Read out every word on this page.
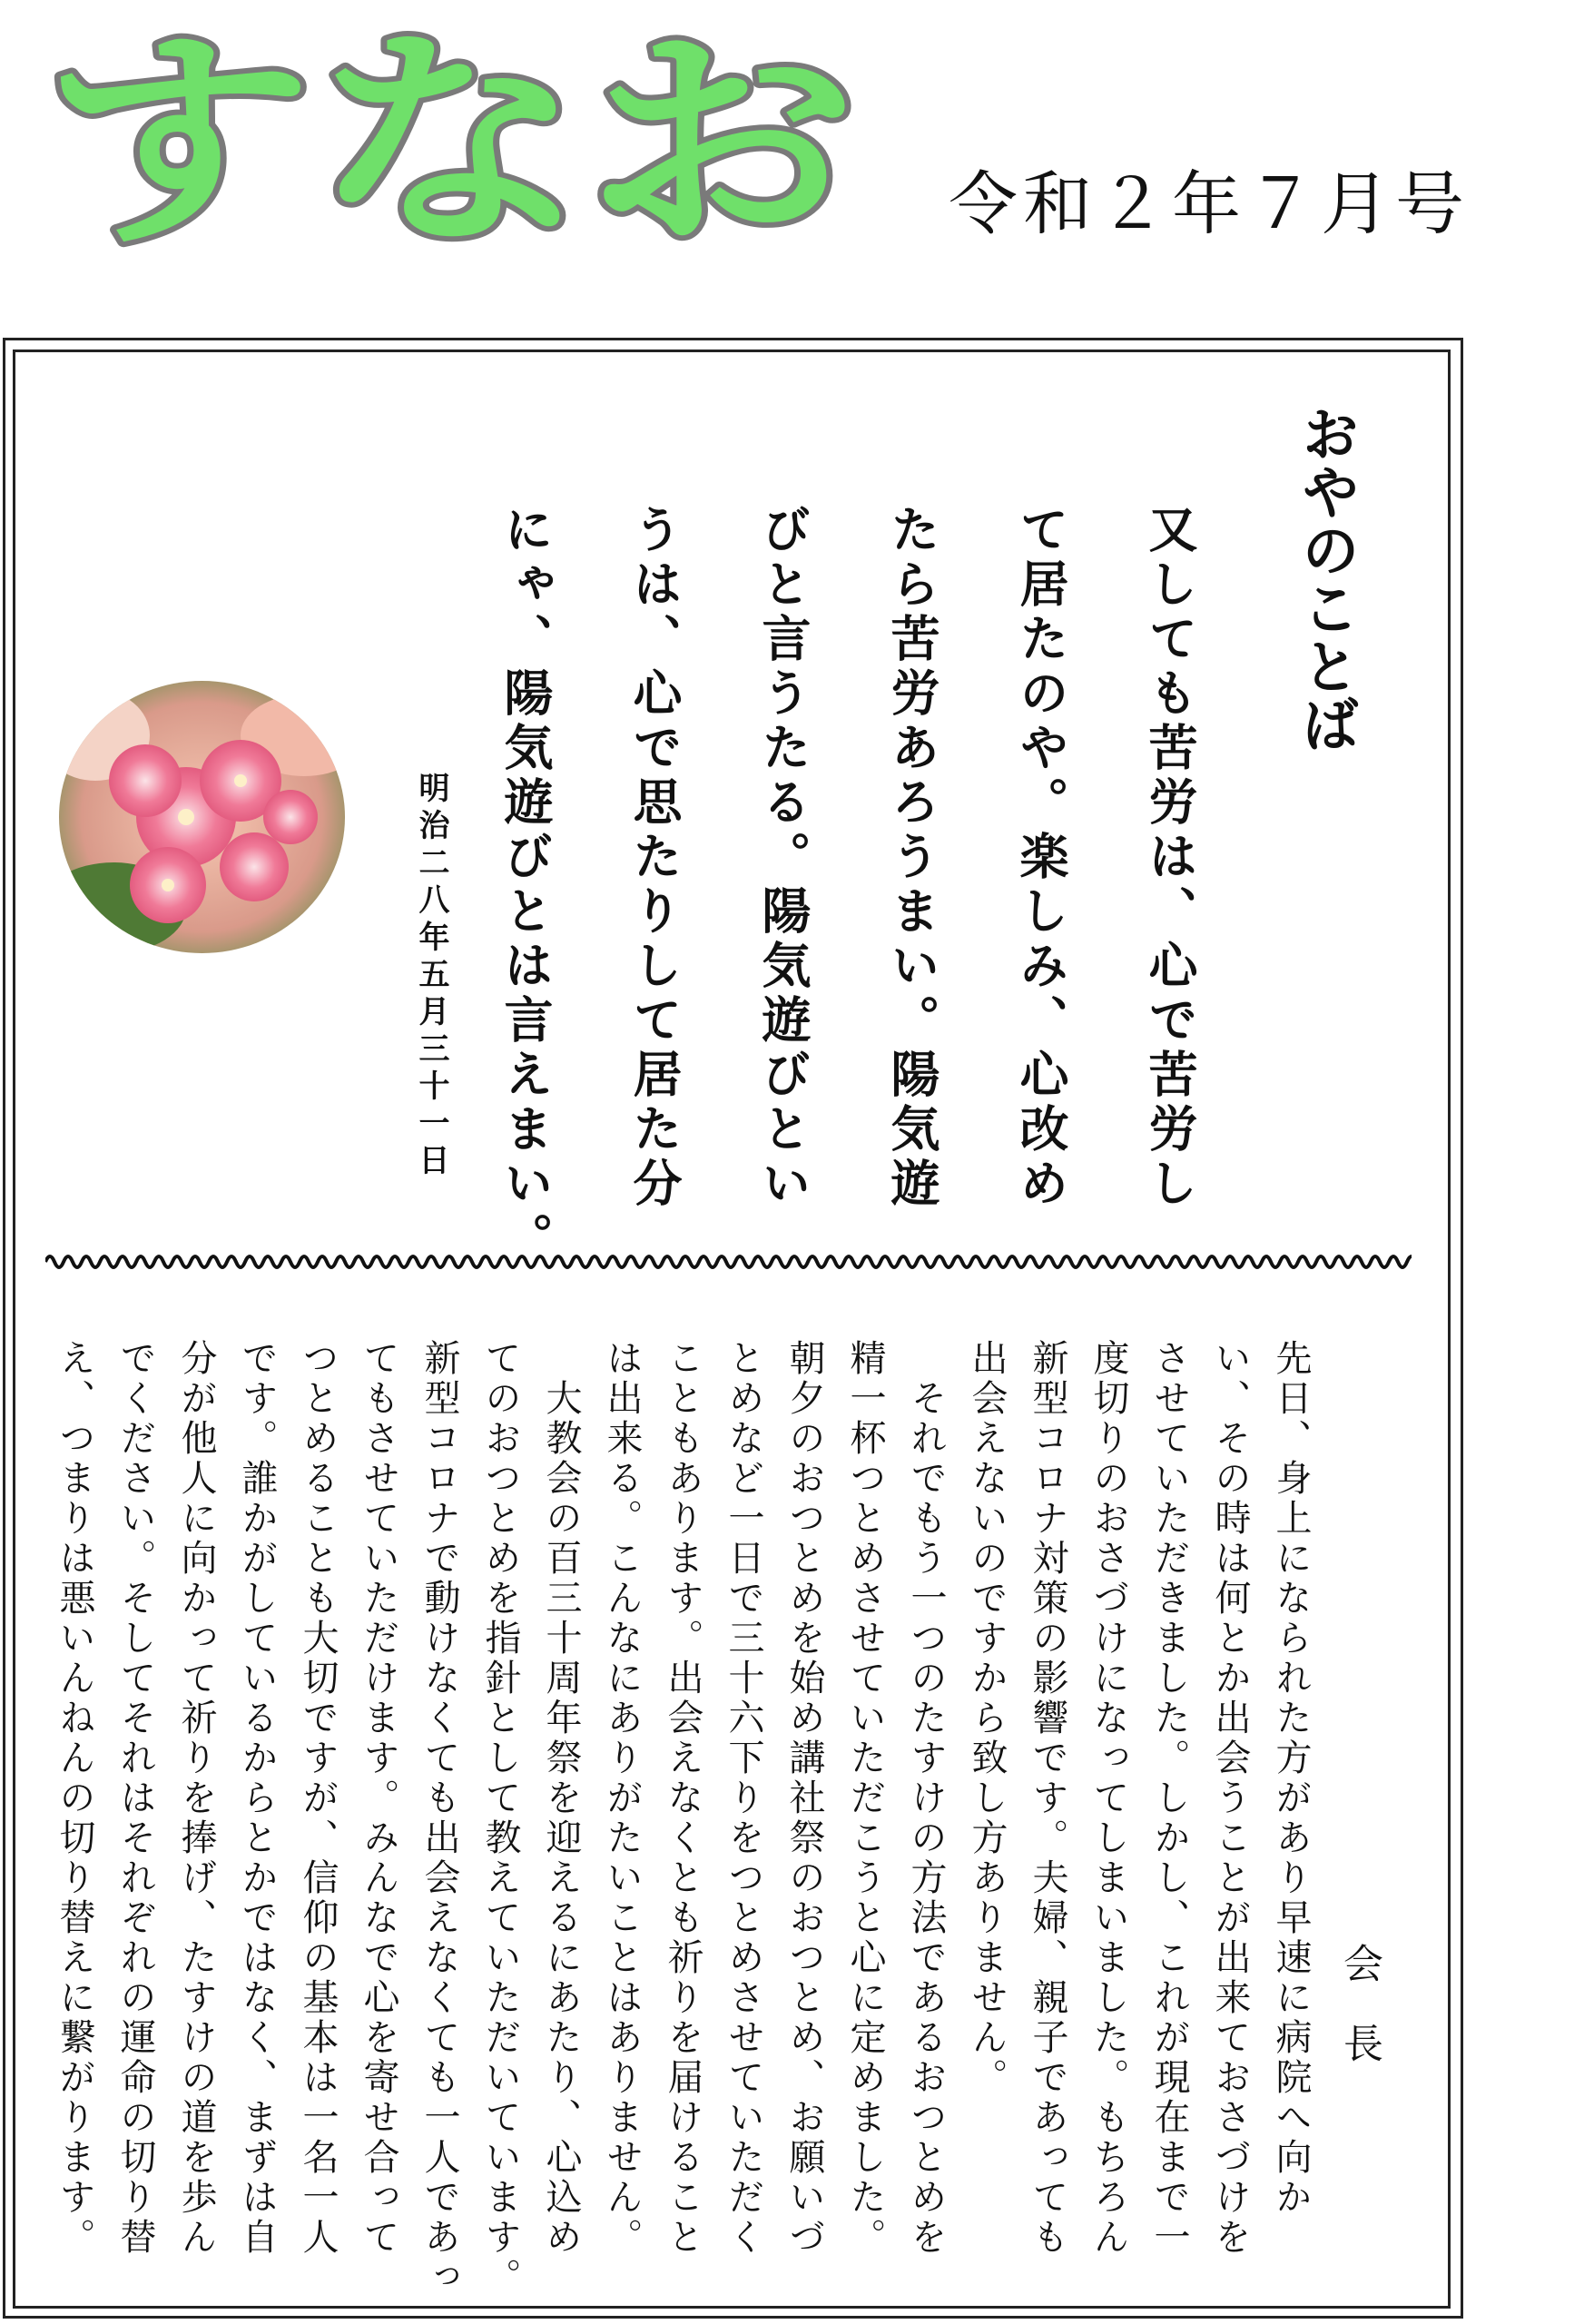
すなお 令和２年７月号
おやのことば
又しても苦労は、心で苦労し
て居たのや。楽しみ、心改め
たら苦労あろうまい。陽気遊
びと言うたる。陽気遊びとい
うは、心で思たりして居た分
にゃ、陽気遊びとは言えまい。
明治二八年五月三十一日
会　長
先日、身上になられた方があり早速に病院へ向か
い、その時は何とか出会うことが出来ておさづけを
させていただきました。しかし、これが現在まで一
度切りのおさづけになってしまいました。もちろん
新型コロナ対策の影響です。夫婦、親子であっても
出会えないのですから致し方ありません。
　それでもう一つのたすけの方法であるおつとめを
精一杯つとめさせていただこうと心に定めました。
朝夕のおつとめを始め講社祭のおつとめ、お願いづ
とめなど一日で三十六下りをつとめさせていただく
こともあります。出会えなくとも祈りを届けること
は出来る。こんなにありがたいことはありません。
　大教会の百三十周年祭を迎えるにあたり、心込め
てのおつとめを指針として教えていただいています。
新型コロナで動けなくても出会えなくても一人であっ
てもさせていただけます。みんなで心を寄せ合って
つとめることも大切ですが、信仰の基本は一名一人
です。誰かがしているからとかではなく、まずは自
分が他人に向かって祈りを捧げ、たすけの道を歩ん
でください。そしてそれはそれぞれの運命の切り替
え、つまりは悪いんねんの切り替えに繋がります。
